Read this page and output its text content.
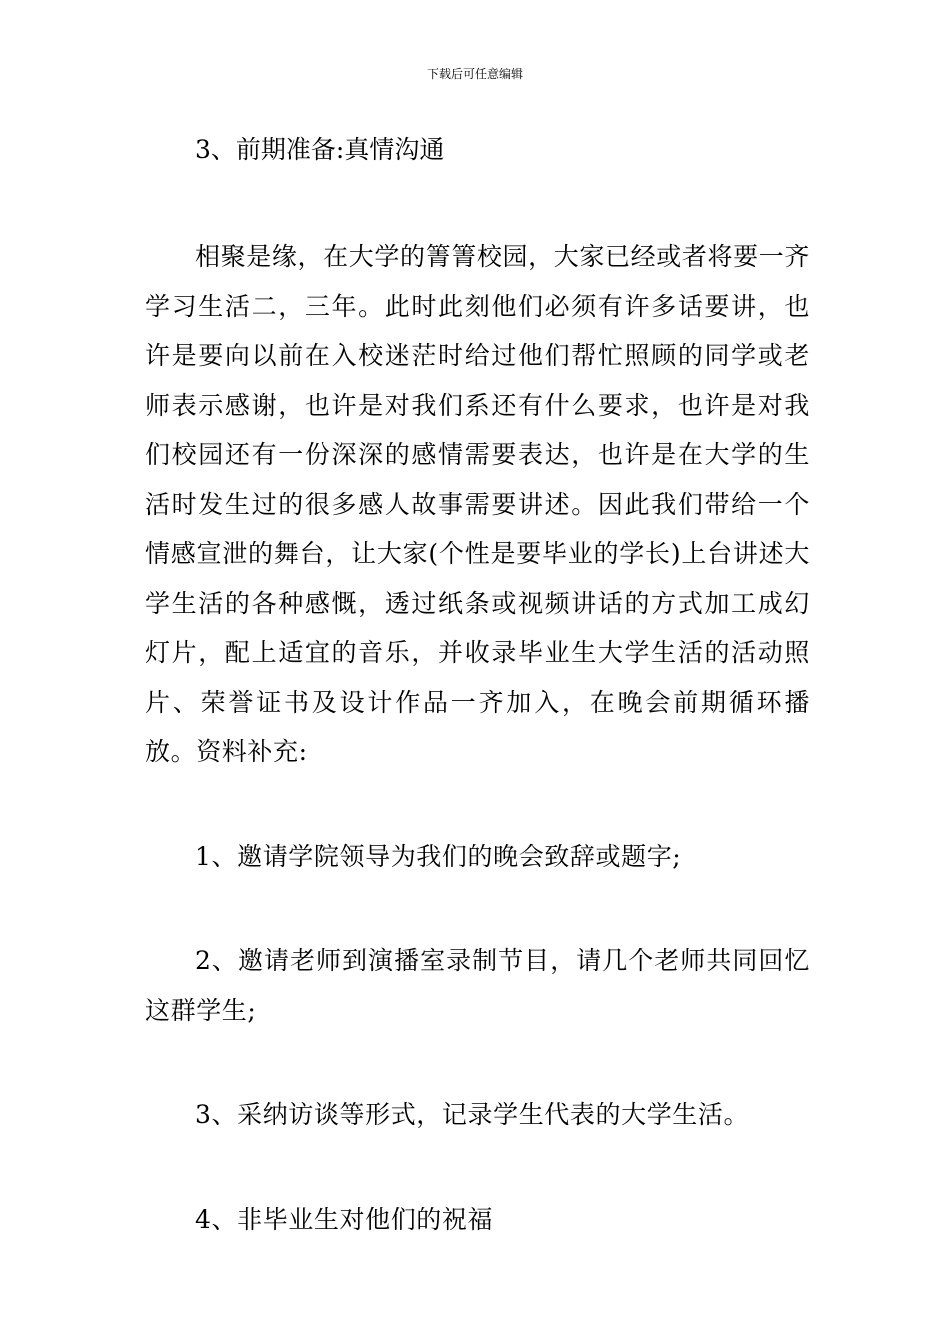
下载后可任意编辑

3、前期准备:真情沟通

相聚是缘，在大学的箐箐校园，大家已经或者将要一齐学习生活二，三年。此时此刻他们必须有许多话要讲，也许是要向以前在入校迷茫时给过他们帮忙照顾的同学或老师表示感谢，也许是对我们系还有什么要求，也许是对我们校园还有一份深深的感情需要表达，也许是在大学的生活时发生过的很多感人故事需要讲述。因此我们带给一个情感宣泄的舞台，让大家(个性是要毕业的学长)上台讲述大学生活的各种感慨，透过纸条或视频讲话的方式加工成幻灯片，配上适宜的音乐，并收录毕业生大学生活的活动照片、荣誉证书及设计作品一齐加入，在晚会前期循环播放。资料补充:

1、邀请学院领导为我们的晚会致辞或题字;

2、邀请老师到演播室录制节目，请几个老师共同回忆这群学生;

3、采纳访谈等形式，记录学生代表的大学生活。

4、非毕业生对他们的祝福
